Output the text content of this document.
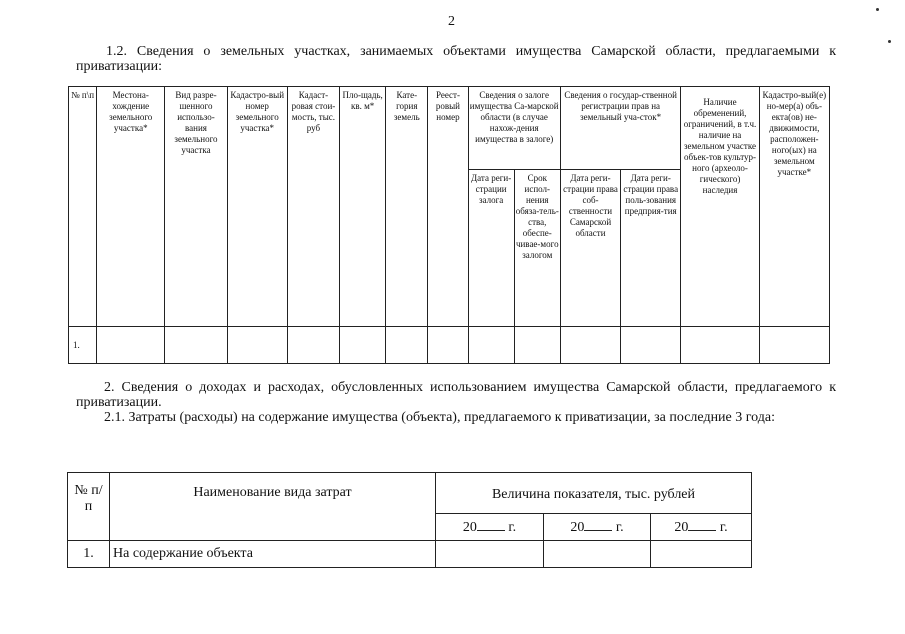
2
1.2. Сведения о земельных участках, занимаемых объектами имущества Самарской области, предлагаемыми к приватизации:
№ п\п	Местона-хождение земельного участка*	Вид разре-шенного использо-вания земельного участка	Кадастро-вый номер земельного участка*	Кадаст-ровая стои-мость, тыс. руб	Пло-щадь, кв. м*	Кате-гория земель	Реест-ровый номер	Сведения о залоге имущества Са-марской области (в случае нахож-дения имущества в залоге)		Сведения о государ-ственной регистрации прав на земельный уча-сток*		Наличие обременений, ограничений, в т.ч. наличие на земельном участке объек-тов культур-ного (археоло-гического) наследия	Кадастро-вый(е) но-мер(а) объ-екта(ов) не-движимости, расположен-ного(ых) на земельном участке*
								Дата реги-страции залога	Срок испол-нения обяза-тель-ства, обеспе-чивае-мого залогом	Дата реги-страции права соб-ственности Самарской области	Дата реги-страции права поль-зования предприя-тия		
1.													
2. Сведения о доходах и расходах, обусловленных использованием имущества Самарской области, предлагаемого к приватизации.
2.1. Затраты (расходы) на содержание имущества (объекта), предлагаемого к приватизации, за последние 3 года:
№ п/п	Наименование вида затрат	Величина показателя, тыс. рублей		
		20 г.	20 г.	20 г.
1.	На содержание объекта			
